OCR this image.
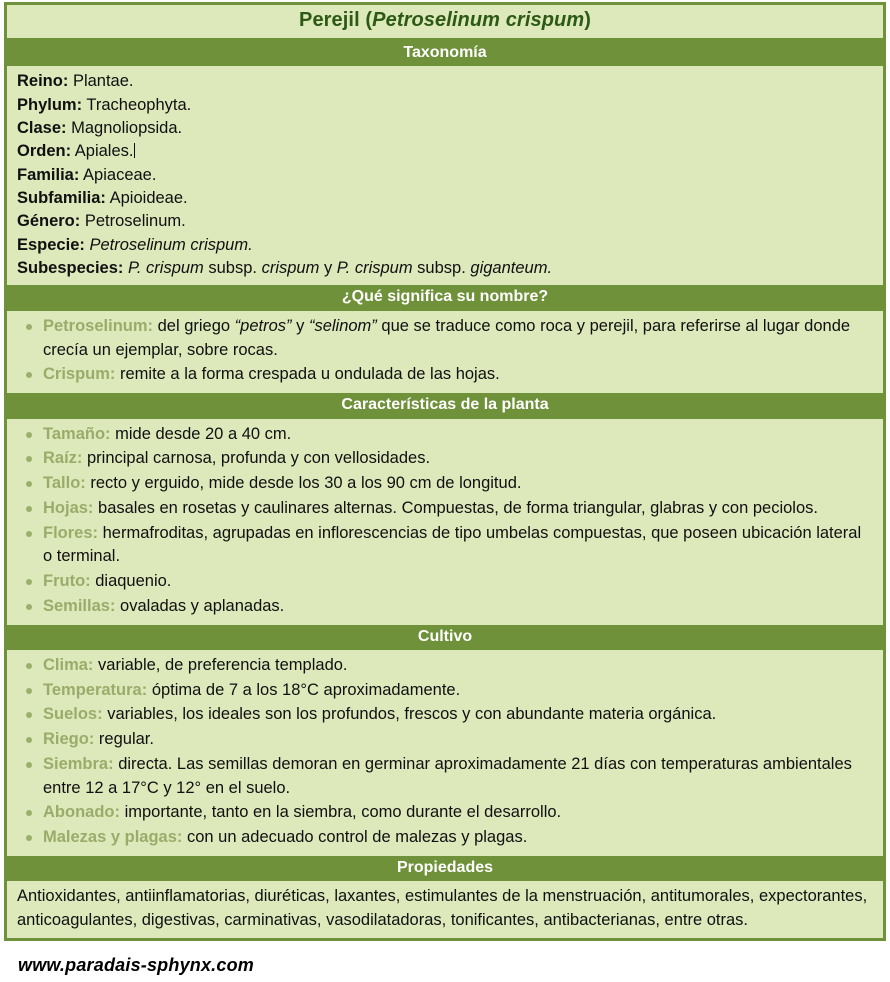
Perejil (Petroselinum crispum)
Taxonomía
Reino: Plantae.
Phylum: Tracheophyta.
Clase: Magnoliopsida.
Orden: Apiales.
Familia: Apiaceae.
Subfamilia: Apioideae.
Género: Petroselinum.
Especie: Petroselinum crispum.
Subespecies: P. crispum subsp. crispum y P. crispum subsp. giganteum.
¿Qué significa su nombre?
Petroselinum: del griego “petros” y “selinom” que se traduce como roca y perejil, para referirse al lugar donde crecía un ejemplar, sobre rocas.
Crispum: remite a la forma crespada u ondulada de las hojas.
Características de la planta
Tamaño: mide desde 20 a 40 cm.
Raíz: principal carnosa, profunda y con vellosidades.
Tallo: recto y erguido, mide desde los 30 a los 90 cm de longitud.
Hojas: basales en rosetas y caulinares alternas. Compuestas, de forma triangular, glabras y con peciolos.
Flores: hermafroditas, agrupadas en inflorescencias de tipo umbelas compuestas, que poseen ubicación lateral o terminal.
Fruto: diaquenio.
Semillas: ovaladas y aplanadas.
Cultivo
Clima: variable, de preferencia templado.
Temperatura: óptima de 7 a los 18°C aproximadamente.
Suelos: variables, los ideales son los profundos, frescos y con abundante materia orgánica.
Riego: regular.
Siembra: directa. Las semillas demoran en germinar aproximadamente 21 días con temperaturas ambientales entre 12 a 17°C y 12° en el suelo.
Abonado: importante, tanto en la siembra, como durante el desarrollo.
Malezas y plagas: con un adecuado control de malezas y plagas.
Propiedades
Antioxidantes, antiinflamatorias, diuréticas, laxantes, estimulantes de la menstruación, antitumorales, expectorantes, anticoagulantes, digestivas, carminativas, vasodilatadoras, tonificantes, antibacterianas, entre otras.
www.paradais-sphynx.com
